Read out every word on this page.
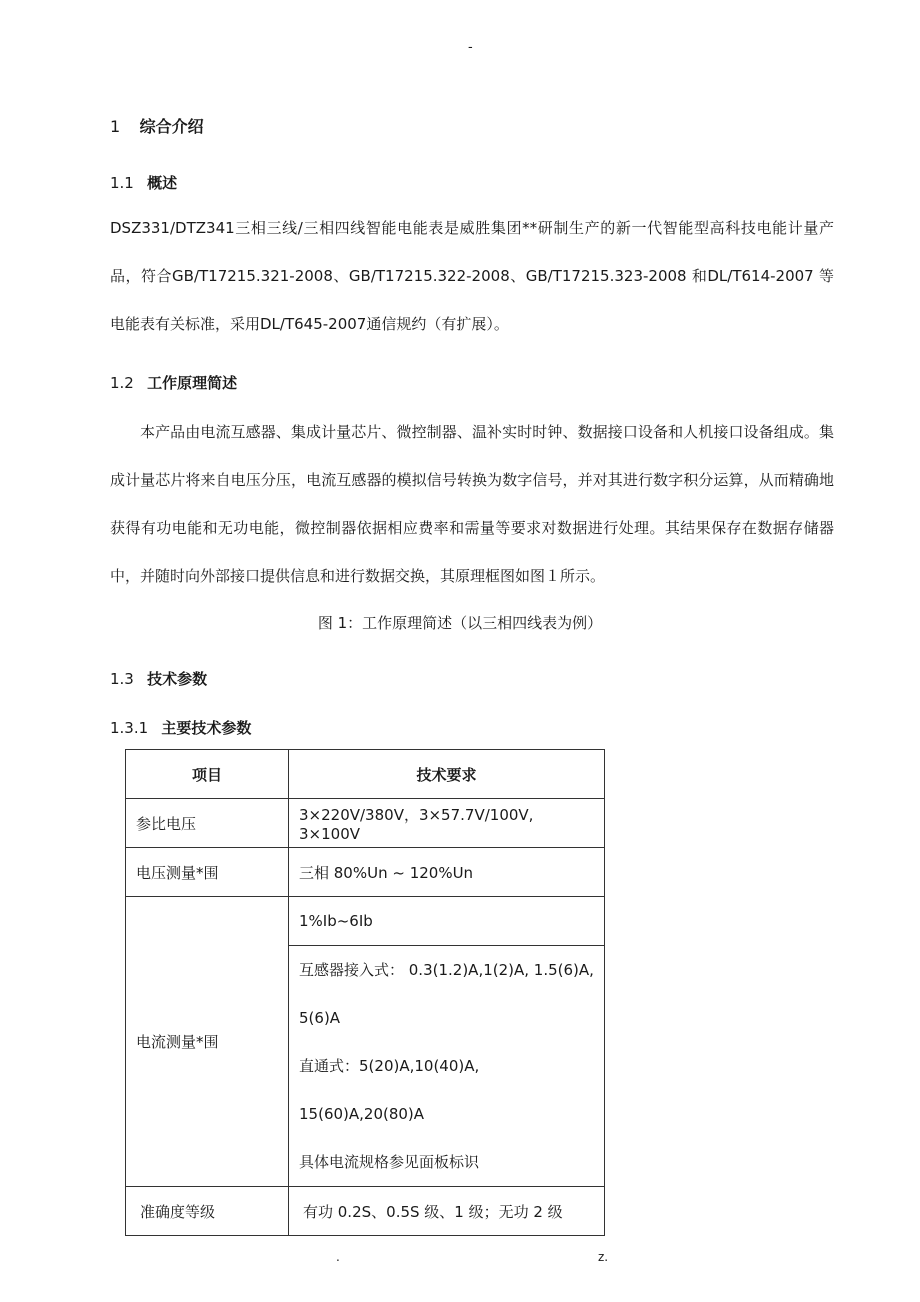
-
1 综合介绍
1.1 概述

DSZ331/DTZ341三相三线/三相四线智能电能表是威胜集团**研制生产的新一代智能型高科技电能计量产品，符合GB/T17215.321-2008、GB/T17215.322-2008、GB/T17215.323-2008 和DL/T614-2007 等电能表有关标准，采用DL/T645-2007通信规约（有扩展）。

1.2 工作原理简述

本产品由电流互感器、集成计量芯片、微控制器、温补实时时钟、数据接口设备和人机接口设备组成。集成计量芯片将来自电压分压，电流互感器的模拟信号转换为数字信号，并对其进行数字积分运算，从而精确地获得有功电能和无功电能，微控制器依据相应费率和需量等要求对数据进行处理。其结果保存在数据存储器中，并随时向外部接口提供信息和进行数据交换，其原理框图如图１所示。

图 1：工作原理简述（以三相四线表为例）
1.3 技术参数
1.3.1 主要技术参数
项目	技术要求
参比电压	3×220V/380V，3×57.7V/100V, 3×100V
电压测量*围	三相 80%Un ~ 120%Un
电流测量*围	1%Ib~6Ib

	互感器接入式： 0.3(1.2)A,1(2)A, 1.5(6)A,
5(6)A
直通式：5(20)A,10(40)A, 15(60)A,20(80)A
具体电流规格参见面板标识

准确度等级	有功 0.2S、0.5S 级、1 级；无功 2 级
.	z.
